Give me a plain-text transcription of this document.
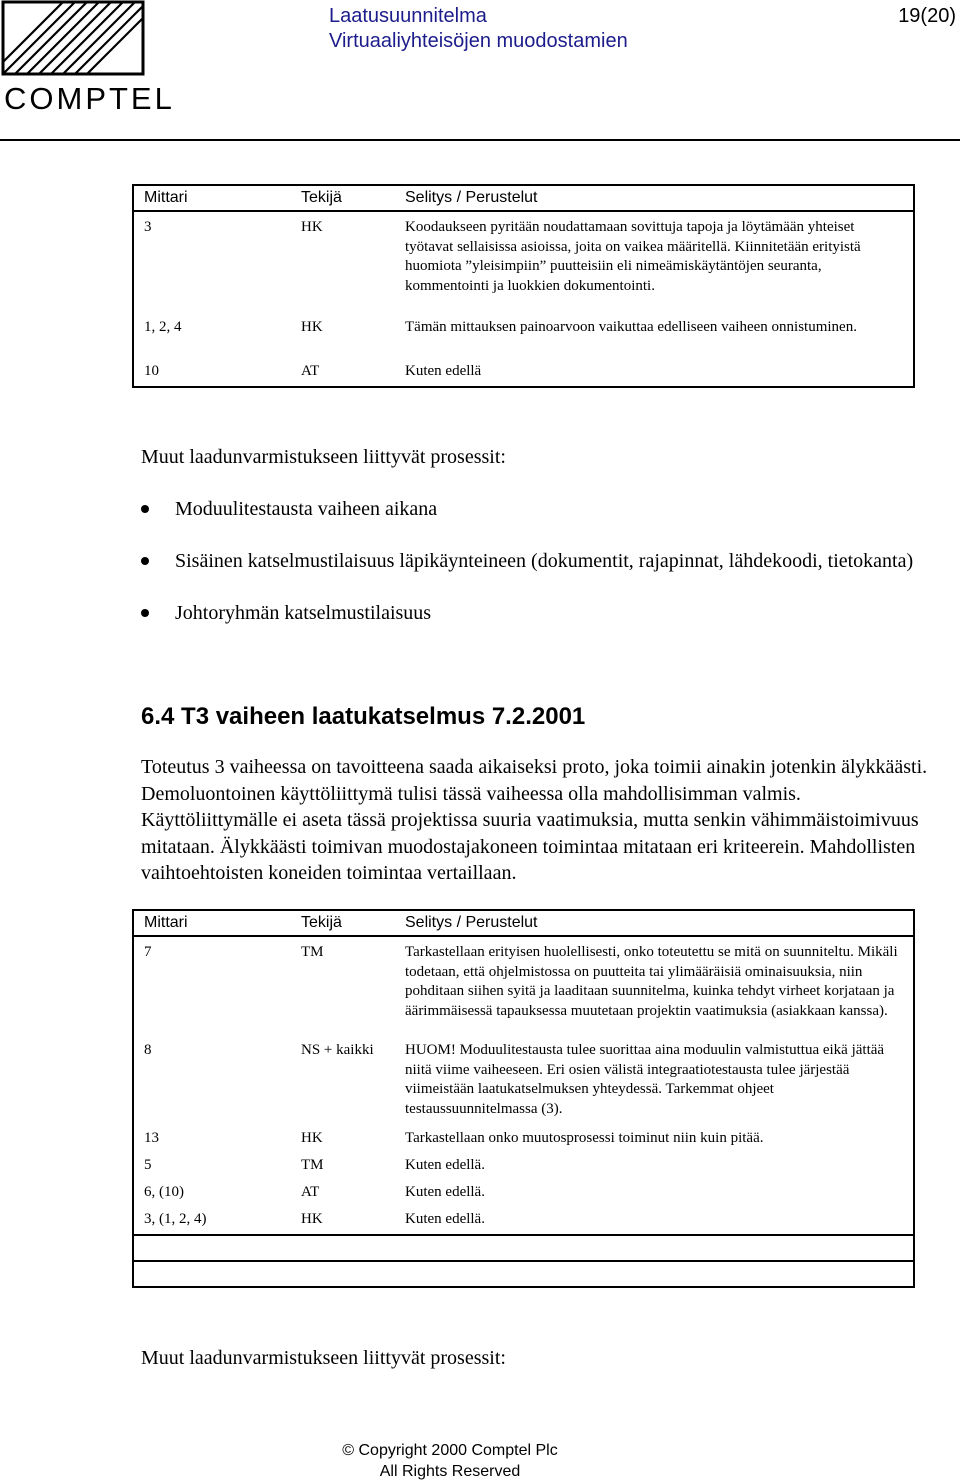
COMPTEL
Laatusuunnitelma
Virtuaaliyhteisöjen muodostamien
19(20)
Mittari	Tekijä	Selitys / Perustelut
3	HK	Koodaukseen pyritään noudattamaan sovittuja tapoja ja löytämään yhteiset työtavat sellaisissa asioissa, joita on vaikea määritellä. Kiinnitetään erityistä huomiota ”yleisimpiin” puutteisiin eli nimeämiskäytäntöjen seuranta, kommentointi ja luokkien dokumentointi.
1, 2, 4	HK	Tämän mittauksen painoarvoon vaikuttaa edelliseen vaiheen onnistuminen.
10	AT	Kuten edellä
Muut laadunvarmistukseen liittyvät prosessit:
Moduulitestausta vaiheen aikana
Sisäinen katselmustilaisuus läpikäynteineen (dokumentit, rajapinnat, lähdekoodi, tietokanta)
Johtoryhmän katselmustilaisuus
6.4 T3 vaiheen laatukatselmus 7.2.2001

Toteutus 3 vaiheessa on tavoitteena saada aikaiseksi proto, joka toimii ainakin jotenkin älykkäästi. Demoluontoinen käyttöliittymä tulisi tässä vaiheessa olla mahdollisimman valmis. Käyttöliittymälle ei aseta tässä projektissa suuria vaatimuksia, mutta senkin vähimmäistoimivuus mitataan. Älykkäästi toimivan muodostajakoneen toimintaa mitataan eri kriteerein. Mahdollisten vaihtoehtoisten koneiden toimintaa vertaillaan.

Mittari	Tekijä	Selitys / Perustelut
7	TM	Tarkastellaan erityisen huolellisesti, onko toteutettu se mitä on suunniteltu. Mikäli todetaan, että ohjelmistossa on puutteita tai ylimääräisiä ominaisuuksia, niin pohditaan siihen syitä ja laaditaan suunnitelma, kuinka tehdyt virheet korjataan ja äärimmäisessä tapauksessa muutetaan projektin vaatimuksia (asiakkaan kanssa).
8	NS + kaikki	HUOM! Moduulitestausta tulee suorittaa aina moduulin valmistuttua eikä jättää niitä viime vaiheeseen. Eri osien välistä integraatiotestausta tulee järjestää viimeistään laatukatselmuksen yhteydessä. Tarkemmat ohjeet testaussuunnitelmassa (3).
13	HK	Tarkastellaan onko muutosprosessi toiminut niin kuin pitää.
5	TM	Kuten edellä.
6, (10)	AT	Kuten edellä.
3, (1, 2, 4)	HK	Kuten edellä.

Muut laadunvarmistukseen liittyvät prosessit:
© Copyright 2000 Comptel Plc
All Rights Reserved
